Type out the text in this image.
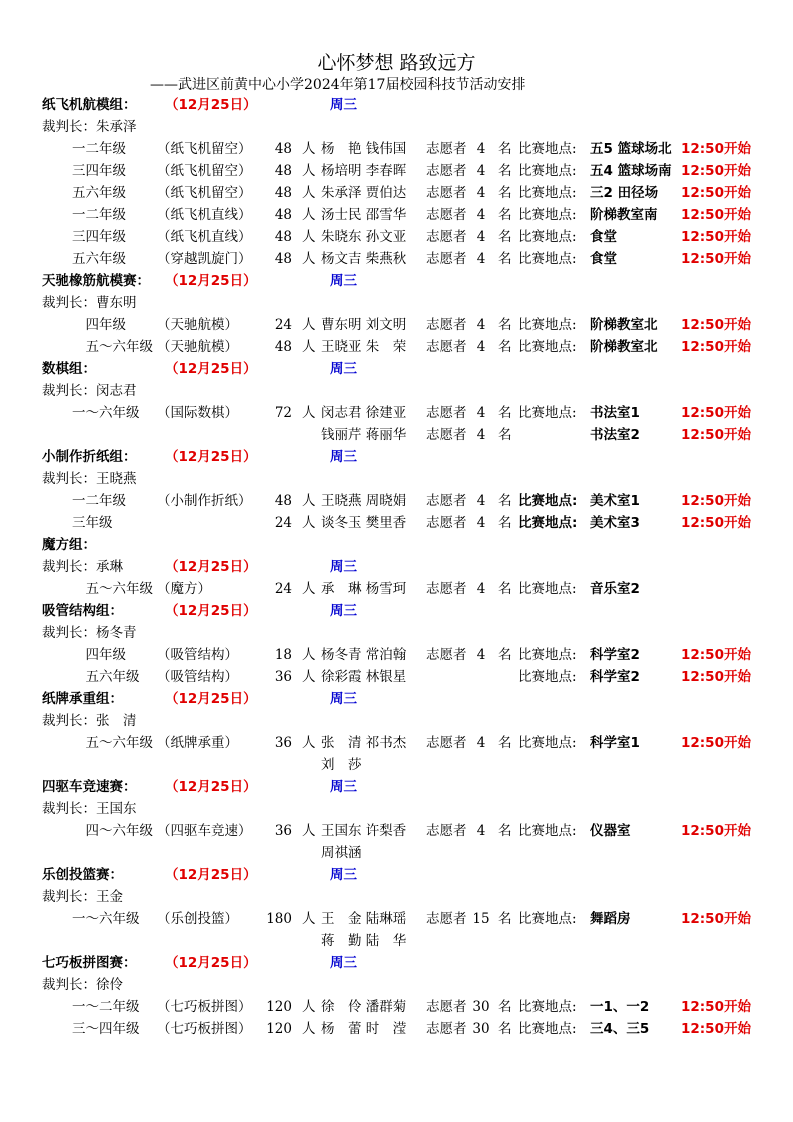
心怀梦想 路致远方
——武进区前黄中心小学2024年第17届校园科技节活动安排
纸飞机航模组： （12月25日）	周三
裁判长：朱承泽
一二年级 （纸飞机留空）	48 人 杨　艳 钱伟国 志愿者 4 名 比赛地点: 五5 篮球场北 12:50开始
三四年级 （纸飞机留空）	48 人 杨培明 李春晖 志愿者 4 名 比赛地点: 五4 篮球场南 12:50开始
五六年级 （纸飞机留空）	48 人 朱承泽 贾伯达 志愿者 4 名 比赛地点: 三2 田径场 12:50开始
一二年级 （纸飞机直线）	48 人 汤士民 邵雪华 志愿者 4 名 比赛地点: 阶梯教室南 12:50开始
三四年级 （纸飞机直线）	48 人 朱晓东 孙文亚 志愿者 4 名 比赛地点: 食堂	12:50开始
五六年级 （穿越凯旋门）	48 人 杨文吉 柴燕秋 志愿者 4 名 比赛地点: 食堂	12:50开始
天驰橡筋航模赛： （12月25日）	周三
裁判长：曹东明
　四年级 （天驰航模）	24 人 曹东明 刘文明 志愿者 4 名 比赛地点: 阶梯教室北 12:50开始
　五～六年级 （天驰航模）	48 人 王晓亚 朱　荣 志愿者 4 名 比赛地点: 阶梯教室北 12:50开始
数棋组：	（12月25日）	周三
裁判长：闵志君
一～六年级 （国际数棋）	72 人 闵志君 徐建亚 志愿者 4 名 比赛地点: 书法室1	12:50开始
钱丽芹 蒋丽华 志愿者 4 名	书法室2	12:50开始
小制作折纸组： （12月25日）	周三
裁判长：王晓燕
一二年级 （小制作折纸）	48 人 王晓燕 周晓娟 志愿者 4 名 比赛地点: 美术室1	12:50开始
三年级	24 人 谈冬玉 樊里香 志愿者 4 名 比赛地点: 美术室3	12:50开始
魔方组：
裁判长：承琳	（12月25日）	周三
　五～六年级 （魔方）	24 人 承　琳 杨雪珂 志愿者 4 名 比赛地点: 音乐室2
吸管结构组：	（12月25日）	周三
裁判长：杨冬青
　四年级 （吸管结构）	18 人 杨冬青 常泊翰 志愿者 4 名 比赛地点: 科学室2	12:50开始
　五六年级 （吸管结构）	36 人 徐彩霞 林银星	比赛地点: 科学室2	12:50开始
纸牌承重组：	（12月25日）	周三
裁判长：张　清
　五～六年级 （纸牌承重）	36 人 张　清 祁书杰 志愿者 4 名 比赛地点: 科学室1	12:50开始
刘　莎
四驱车竞速赛： （12月25日）	周三
裁判长：王国东
　四～六年级 （四驱车竞速）	36 人 王国东 许梨香 志愿者 4 名 比赛地点: 仪器室	12:50开始
周祺涵
乐创投篮赛：	（12月25日）	周三
裁判长：王金
一～六年级 （乐创投篮）	180 人 王　金 陆琳瑶 志愿者 15 名 比赛地点: 舞蹈房	12:50开始
蒋　勤 陆　华
七巧板拼图赛： （12月25日）	周三
裁判长：徐伶
一～二年级 （七巧板拼图）	120 人 徐　伶 潘群菊 志愿者 30 名 比赛地点: 一1、一2 12:50开始
三～四年级 （七巧板拼图）	120 人 杨　蕾 时　滢 志愿者 30 名 比赛地点: 三4、三5 12:50开始
